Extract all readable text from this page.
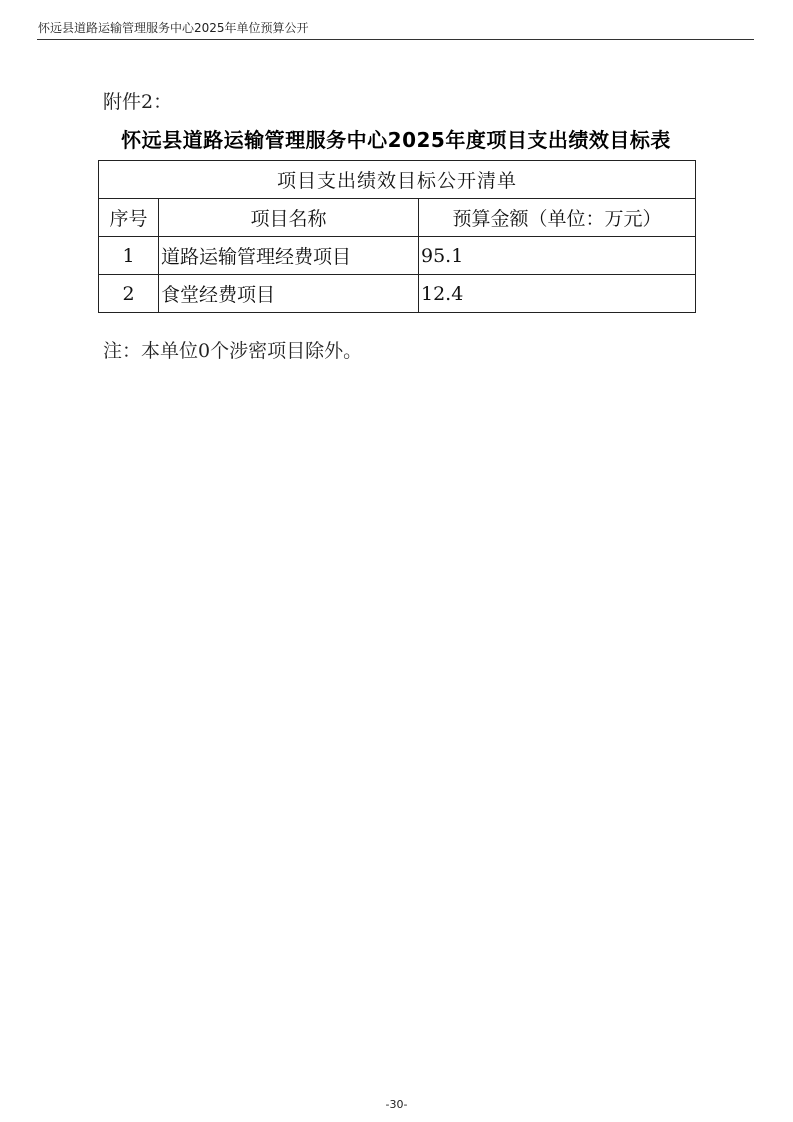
怀远县道路运输管理服务中心2025年单位预算公开
附件2：
怀远县道路运输管理服务中心2025年度项目支出绩效目标表
项目支出绩效目标公开清单		
序号	项目名称	预算金额（单位：万元）
1	道路运输管理经费项目	95.1
2	食堂经费项目	12.4
注：本单位0个涉密项目除外。
-30-
